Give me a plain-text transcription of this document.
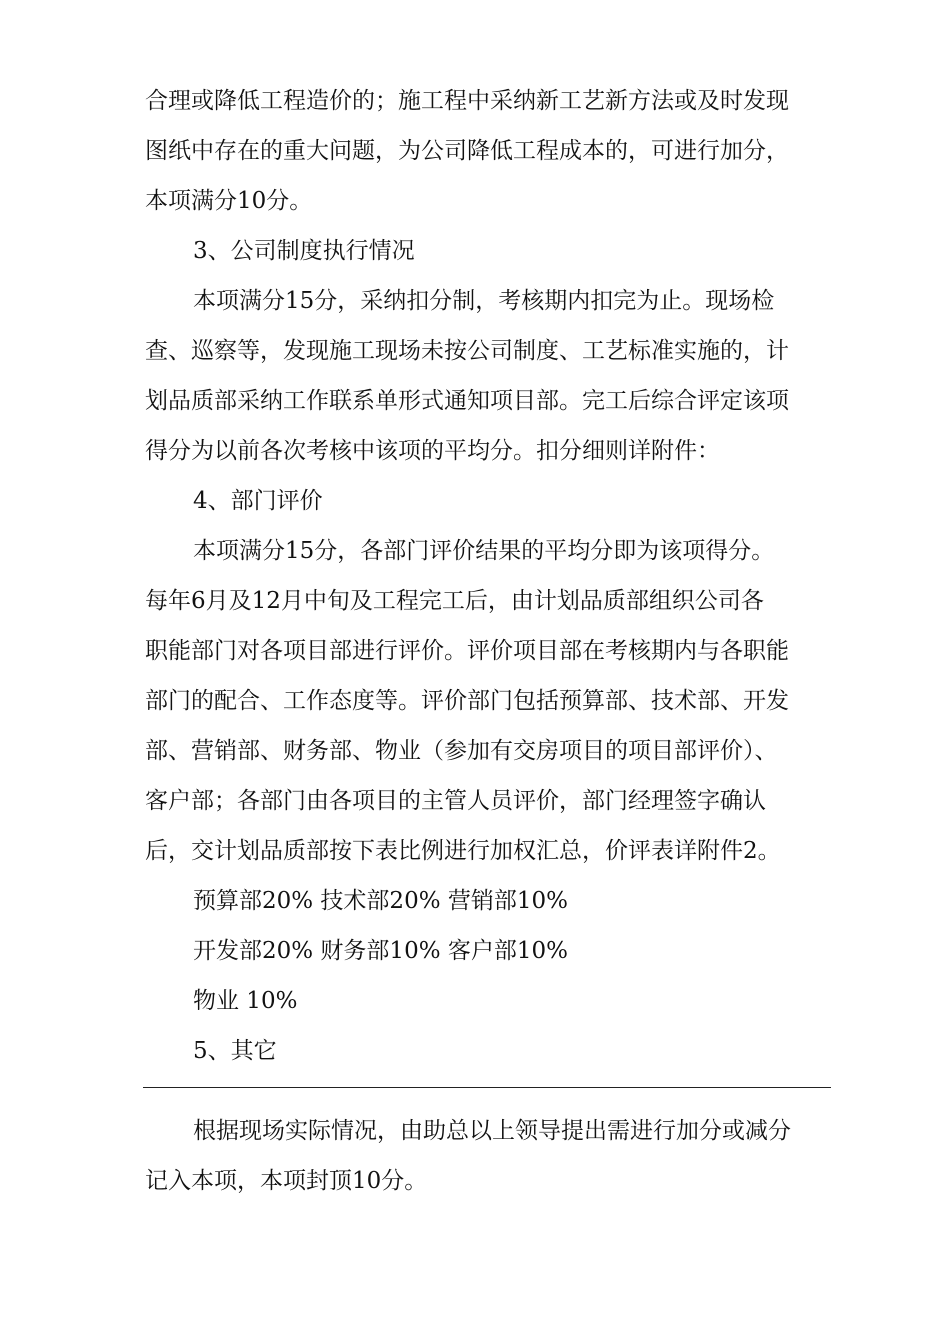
合理或降低工程造价的；施工程中采纳新工艺新方法或及时发现
图纸中存在的重大问题，为公司降低工程成本的，可进行加分，
本项满分10分。
3、公司制度执行情况
本项满分15分，采纳扣分制，考核期内扣完为止。现场检
查、巡察等，发现施工现场未按公司制度、工艺标准实施的，计
划品质部采纳工作联系单形式通知项目部。完工后综合评定该项
得分为以前各次考核中该项的平均分。扣分细则详附件：
4、部门评价
本项满分15分，各部门评价结果的平均分即为该项得分。
每年6月及12月中旬及工程完工后，由计划品质部组织公司各
职能部门对各项目部进行评价。评价项目部在考核期内与各职能
部门的配合、工作态度等。评价部门包括预算部、技术部、开发
部、营销部、财务部、物业（参加有交房项目的项目部评价）、
客户部；各部门由各项目的主管人员评价，部门经理签字确认
后，交计划品质部按下表比例进行加权汇总，价评表详附件2。
预算部20% 技术部20% 营销部10%
开发部20% 财务部10% 客户部10%
物业 10%
5、其它
根据现场实际情况，由助总以上领导提出需进行加分或减分
记入本项，本项封顶10分。
